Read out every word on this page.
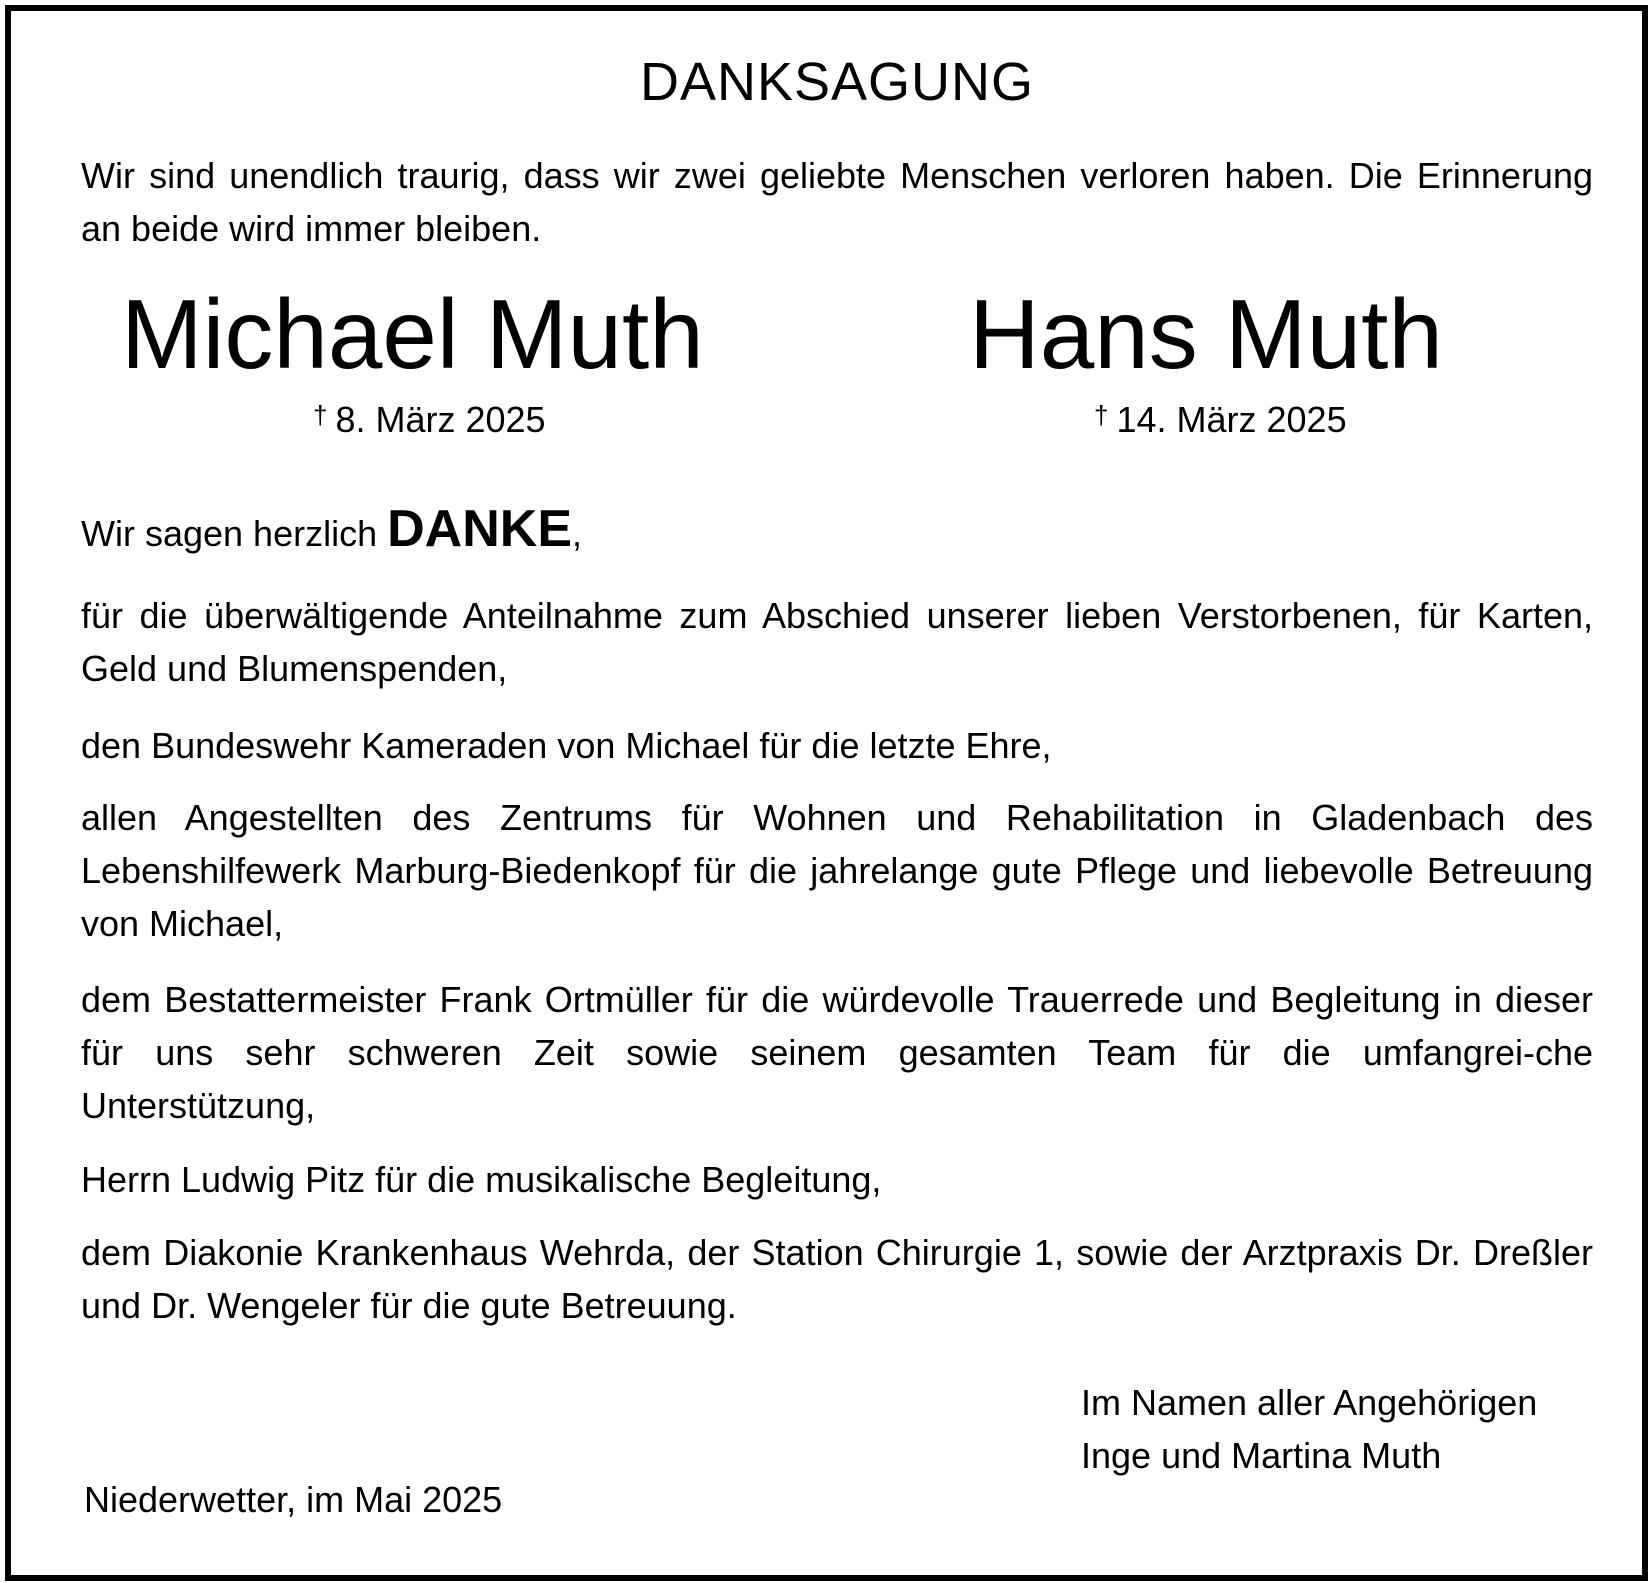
DANKSAGUNG
Wir sind unendlich traurig, dass wir zwei geliebte Menschen verloren haben. Die Erinnerung an beide wird immer bleiben.
Michael Muth	Hans Muth
† 8. März 2025	† 14. März 2025
Wir sagen herzlich DANKE,
für die überwältigende Anteilnahme zum Abschied unserer lieben Verstorbenen, für Karten, Geld und Blumenspenden,
den Bundeswehr Kameraden von Michael für die letzte Ehre,
allen Angestellten des Zentrums für Wohnen und Rehabilitation in Gladenbach des Lebenshilfewerk Marburg-Biedenkopf für die jahrelange gute Pflege und liebevolle Betreuung von Michael,
dem Bestattermeister Frank Ortmüller für die würdevolle Trauerrede und Begleitung in dieser für uns sehr schweren Zeit sowie seinem gesamten Team für die umfangrei-che Unterstützung,
Herrn Ludwig Pitz für die musikalische Begleitung,
dem Diakonie Krankenhaus Wehrda, der Station Chirurgie 1, sowie der Arztpraxis Dr. Dreßler und Dr. Wengeler für die gute Betreuung.
Im Namen aller Angehörigen
Inge und Martina Muth
Niederwetter, im Mai 2025
